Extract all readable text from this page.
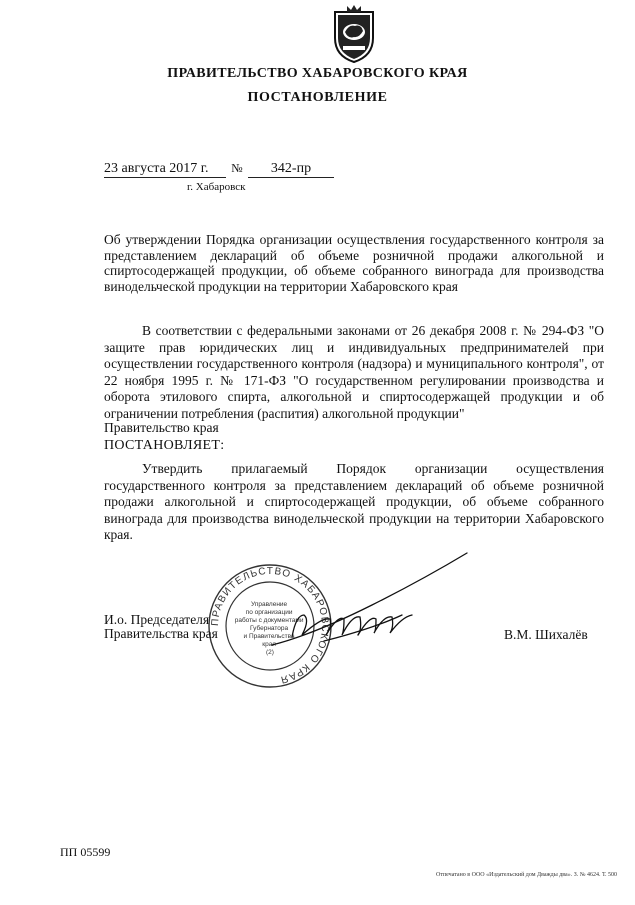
ПРАВИТЕЛЬСТВО ХАБАРОВСКОГО КРАЯ
ПОСТАНОВЛЕНИЕ
23 августа 2017 г. № 342-пр
г. Хабаровск
Об утверждении Порядка организации осуществления государственного контроля за представлением деклараций об объеме розничной продажи алкогольной и спиртосодержащей продукции, об объеме собранного винограда для производства винодельческой продукции на территории Хабаровского края
В соответствии с федеральными законами от 26 декабря 2008 г. № 294-ФЗ "О защите прав юридических лиц и индивидуальных предпринимателей при осуществлении государственного контроля (надзора) и муниципального контроля", от 22 ноября 1995 г. № 171-ФЗ "О государственном регулировании производства и оборота этилового спирта, алкогольной и спиртосодержащей продукции и об ограничении потребления (распития) алкогольной продукции"
Правительство края
ПОСТАНОВЛЯЕТ:
Утвердить прилагаемый Порядок организации осуществления государственного контроля за представлением деклараций об объеме розничной продажи алкогольной и спиртосодержащей продукции, об объеме собранного винограда для производства винодельческой продукции на территории Хабаровского края.
ПРАВИТЕЛЬСТВО ХАБАРОВСКОГО КРАЯ
Управление по организации работы с документами Губернатора и Правительства края (2)
И.о. Председателя
Правительства края	В.М. Шихалёв
ПП 05599
Отпечатано в ООО «Издательский дом Дважды два». З. № 4624. Т. 500
